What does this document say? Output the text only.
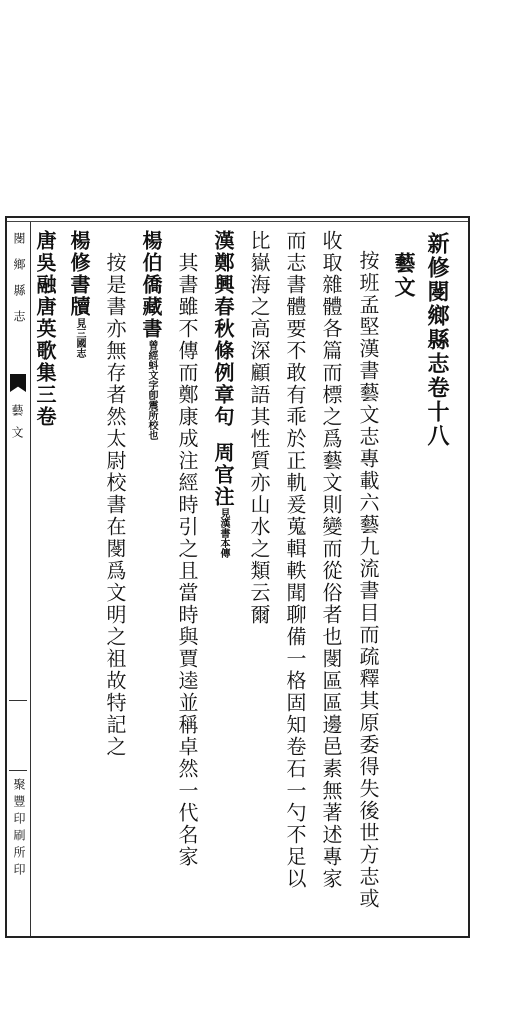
閿鄉縣志
藝文
聚豐印刷所印
新修閿鄉縣志卷十八
藝文
按班孟堅漢書藝文志專載六藝九流書目而疏釋其原委得失後世方志或
收取雜體各篇而標之爲藝文則變而從俗者也閿區區邊邑素無著述專家
而志書體要不敢有乖於正軌爰蒐輯軼聞聊備一格固知卷石一勺不足以
比嶽海之高深顧語其性質亦山水之類云爾
漢鄭興春秋條例章句周官注見漢書本傳
其書雖不傳而鄭康成注經時引之且當時與賈逵並稱卓然一代名家
楊伯僑藏書曾經蚪文字卽震所校也
按是書亦無存者然太尉校書在閿爲文明之祖故特記之
楊修書牘見三國志
唐吳融唐英歌集三卷
